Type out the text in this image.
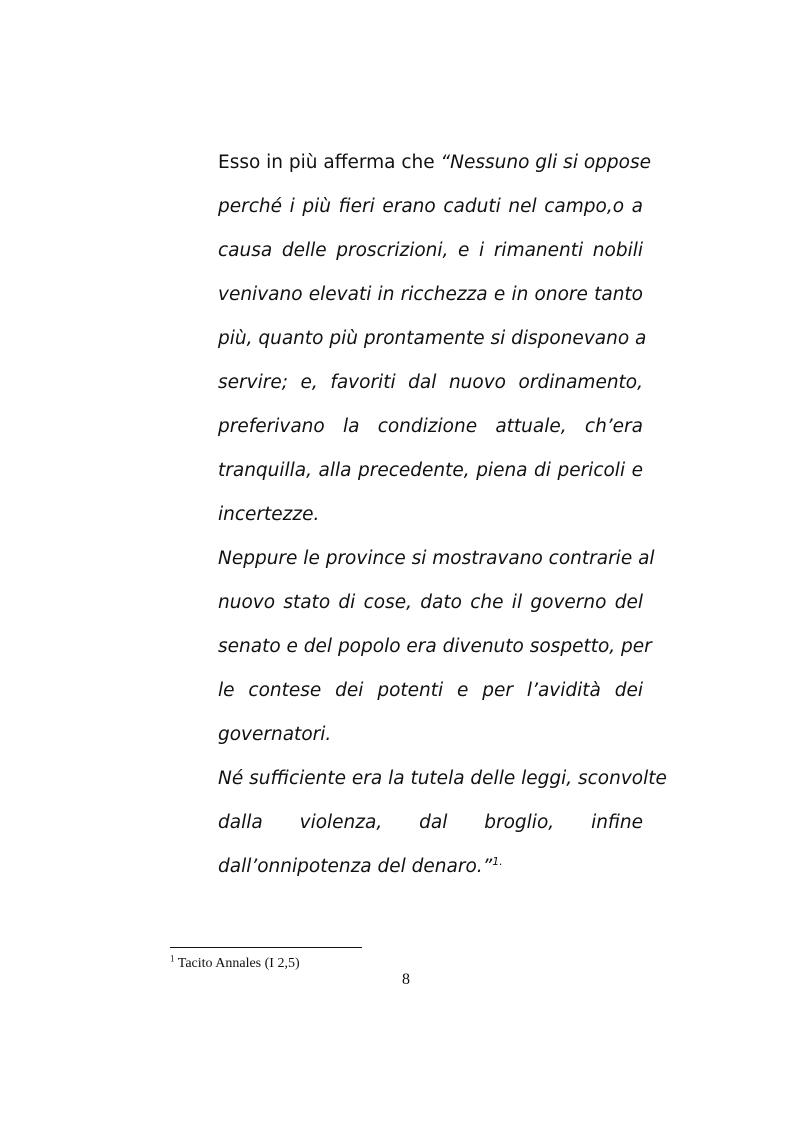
Esso in più afferma che “Nessuno gli si oppose
perché i più fieri erano caduti nel campo,o a
causa delle proscrizioni, e i rimanenti nobili
venivano elevati in ricchezza e in onore tanto
più, quanto più prontamente si disponevano a
servire; e, favoriti dal nuovo ordinamento,
preferivano la condizione attuale, ch’era
tranquilla, alla precedente, piena di pericoli e
incertezze.
Neppure le province si mostravano contrarie al
nuovo stato di cose, dato che il governo del
senato e del popolo era divenuto sospetto, per
le contese dei potenti e per l’avidità dei
governatori.
Né sufficiente era la tutela delle leggi, sconvolte
dalla violenza, dal broglio, infine
dall’onnipotenza del denaro.”$^{1.}$
$^1$ Tacito Annales (I 2,5)
8
